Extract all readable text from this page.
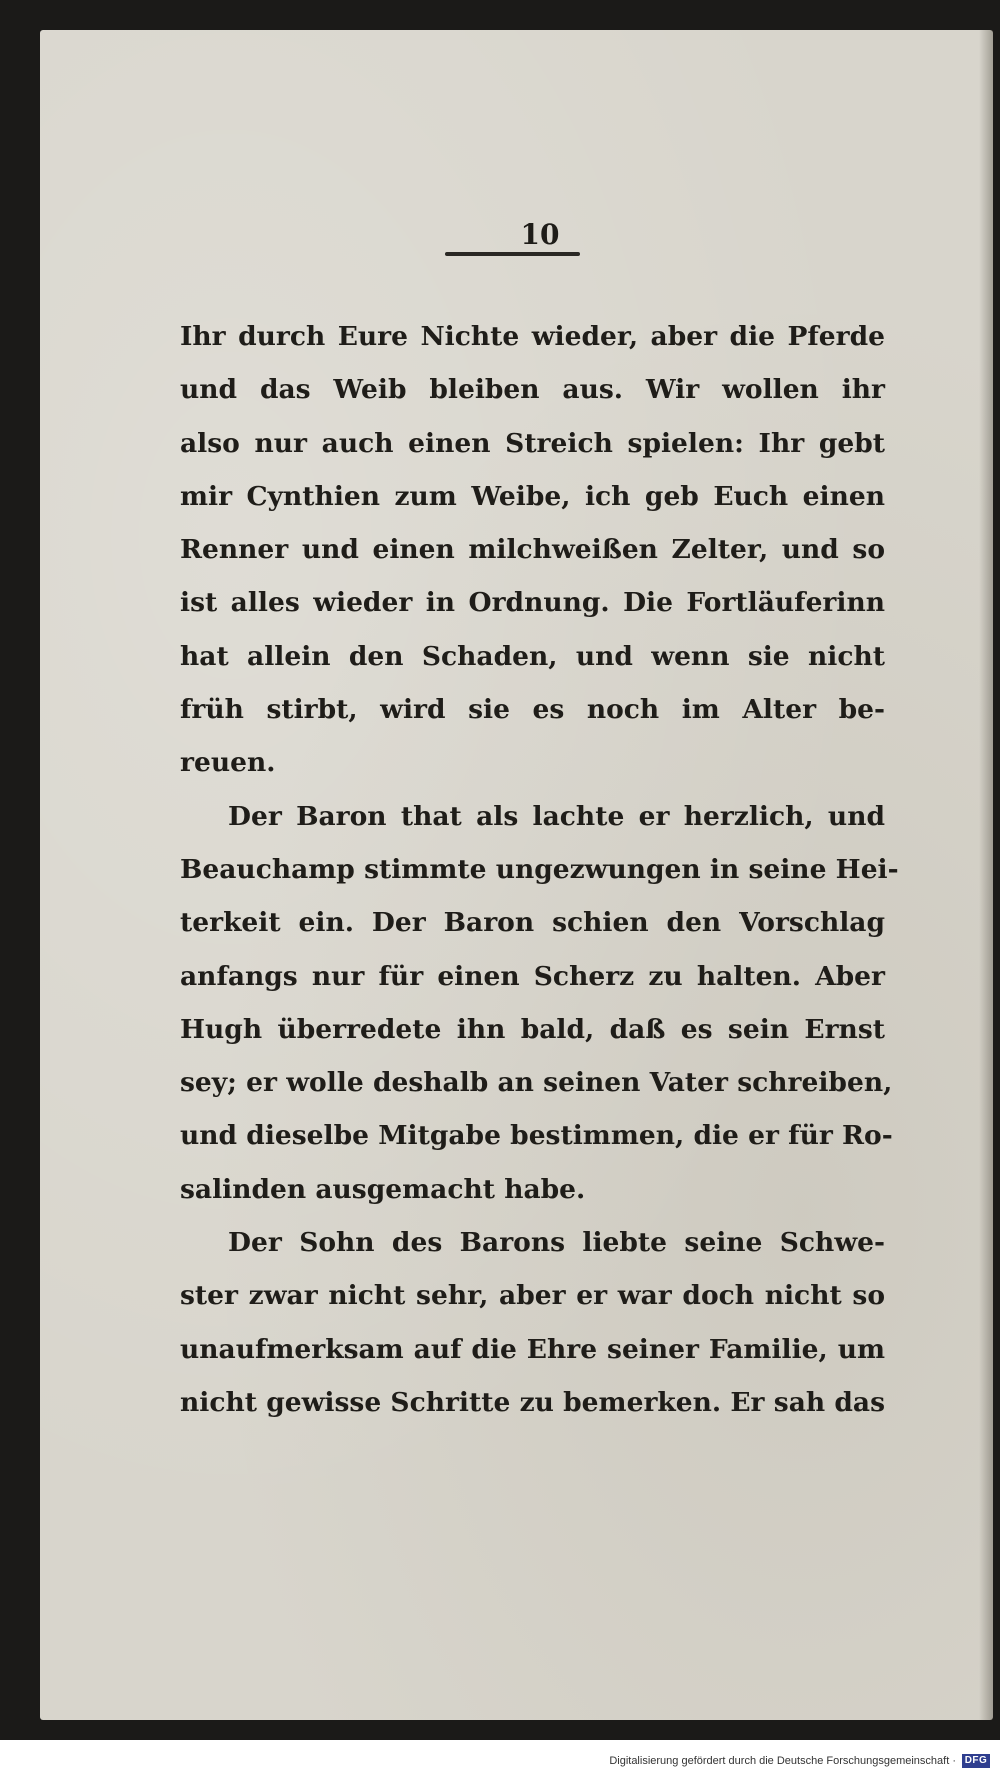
10
Ihr durch Eure Nichte wieder, aber die Pferde
und das Weib bleiben aus. Wir wollen ihr
also nur auch einen Streich spielen: Ihr gebt
mir Cynthien zum Weibe, ich geb Euch einen
Renner und einen milchweißen Zelter, und so
ist alles wieder in Ordnung. Die Fortläuferinn
hat allein den Schaden, und wenn sie nicht
früh stirbt, wird sie es noch im Alter be-
reuen.
Der Baron that als lachte er herzlich, und
Beauchamp stimmte ungezwungen in seine Hei-
terkeit ein. Der Baron schien den Vorschlag
anfangs nur für einen Scherz zu halten. Aber
Hugh überredete ihn bald, daß es sein Ernst
sey; er wolle deshalb an seinen Vater schreiben,
und dieselbe Mitgabe bestimmen, die er für Ro-
salinden ausgemacht habe.
Der Sohn des Barons liebte seine Schwe-
ster zwar nicht sehr, aber er war doch nicht so
unaufmerksam auf die Ehre seiner Familie, um
nicht gewisse Schritte zu bemerken. Er sah das
Digitalisierung gefördert durch die Deutsche Forschungsgemeinschaft · DFG
